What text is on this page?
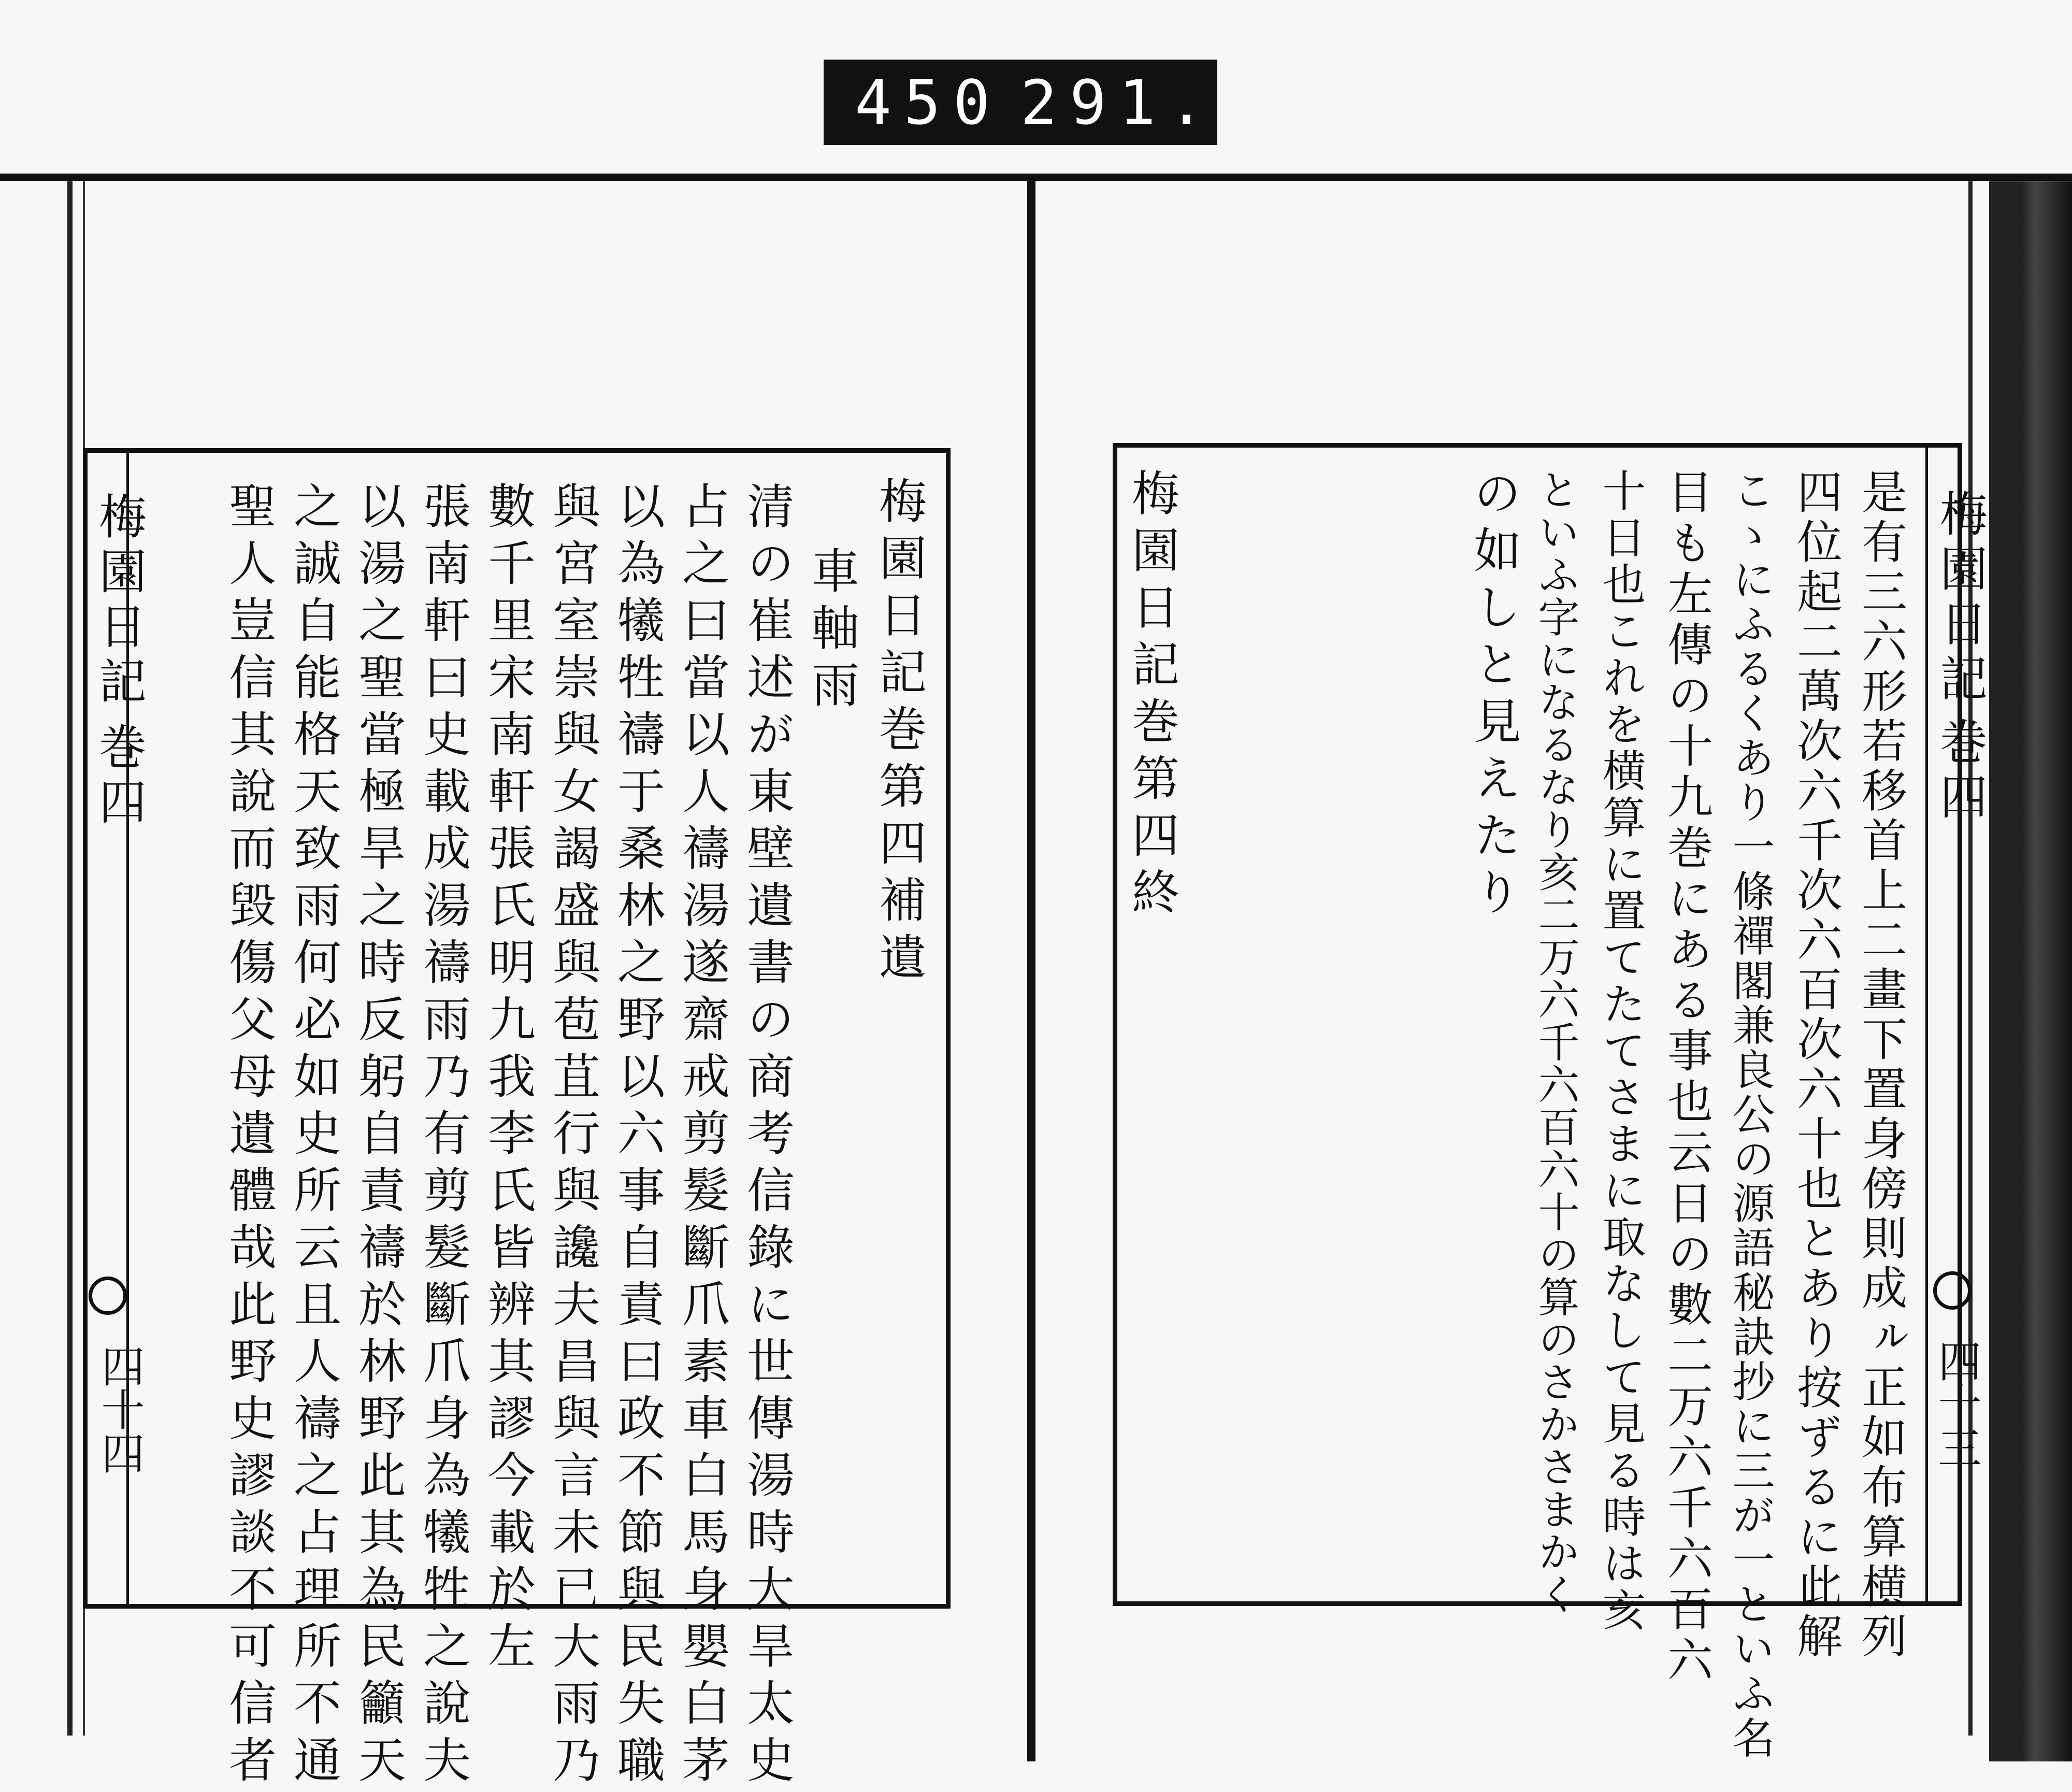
450 291.
梅園日記
巻四
四十四
梅園日記巻第四補遺
車軸雨
清の崔述が東壁遺書の商考信錄に世傳湯時大旱太史
占之曰當以人禱湯遂齋戒剪髮斷爪素車白馬身嬰白茅
以為犧牲禱于桑林之野以六事自責曰政不節與民失職
與宮室崇與女謁盛與苞苴行與讒夫昌與言未已大雨乃
數千里宋南軒張氏明九我李氏皆辨其謬今載於左
張南軒曰史載成湯禱雨乃有剪髮斷爪身為犧牲之說夫
以湯之聖當極旱之時反躬自責禱於林野此其為民籲天
之誠自能格天致雨何必如史所云且人禱之占理所不通
聖人豈信其說而毀傷父母遺體哉此野史謬談不可信者	梅園日記
巻四
四十三
是有三六形若移首上二畫下置身傍則成ㇽ正如布算横列
四位起二萬次六千次六百次六十也とあり按ずるに此解
こゝにふるくあり一條禪閣兼良公の源語秘訣抄に三が一といふ名
目も左傳の十九巻にある事也云日の數二万六千六百六
十日也これを横算に置てたてさまに取なして見る時は亥
といふ字になるなり亥二万六千六百六十の算のさかさまかく
の如しと見えたり
梅園日記巻第四終
